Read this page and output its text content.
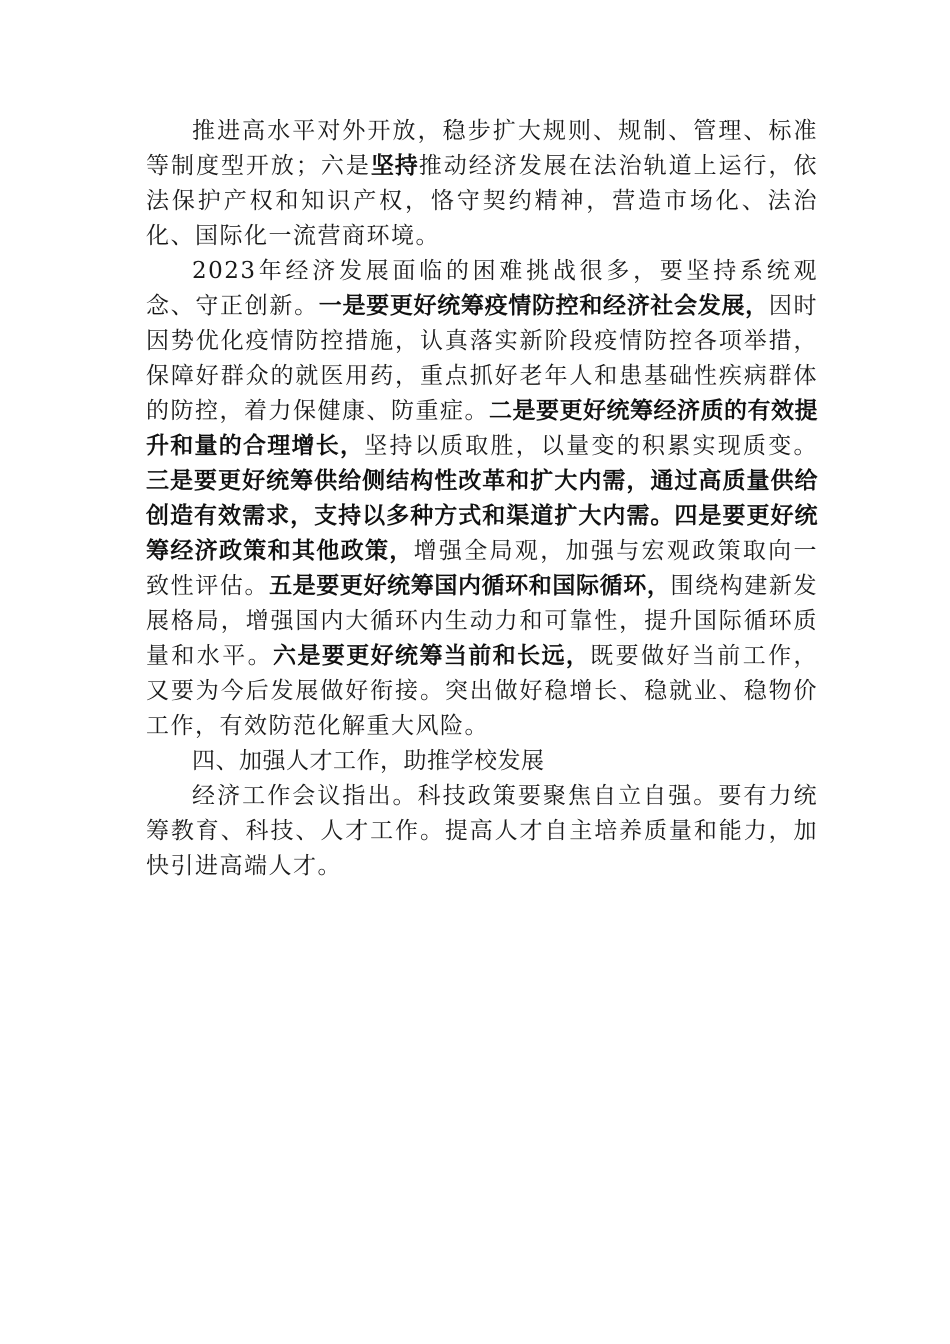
推进高水平对外开放，稳步扩大规则、规制、管理、标准等制度型开放；六是坚持推动经济发展在法治轨道上运行，依法保护产权和知识产权，恪守契约精神，营造市场化、法治化、国际化一流营商环境。

2023年经济发展面临的困难挑战很多，要坚持系统观念、守正创新。一是要更好统筹疫情防控和经济社会发展，因时因势优化疫情防控措施，认真落实新阶段疫情防控各项举措，保障好群众的就医用药，重点抓好老年人和患基础性疾病群体的防控，着力保健康、防重症。二是要更好统筹经济质的有效提升和量的合理增长，坚持以质取胜，以量变的积累实现质变。三是要更好统筹供给侧结构性改革和扩大内需，通过高质量供给创造有效需求，支持以多种方式和渠道扩大内需。四是要更好统筹经济政策和其他政策，增强全局观，加强与宏观政策取向一致性评估。五是要更好统筹国内循环和国际循环，围绕构建新发展格局，增强国内大循环内生动力和可靠性，提升国际循环质量和水平。六是要更好统筹当前和长远，既要做好当前工作，又要为今后发展做好衔接。突出做好稳增长、稳就业、稳物价工作，有效防范化解重大风险。

四、加强人才工作，助推学校发展

经济工作会议指出。科技政策要聚焦自立自强。要有力统筹教育、科技、人才工作。提高人才自主培养质量和能力，加快引进高端人才。
